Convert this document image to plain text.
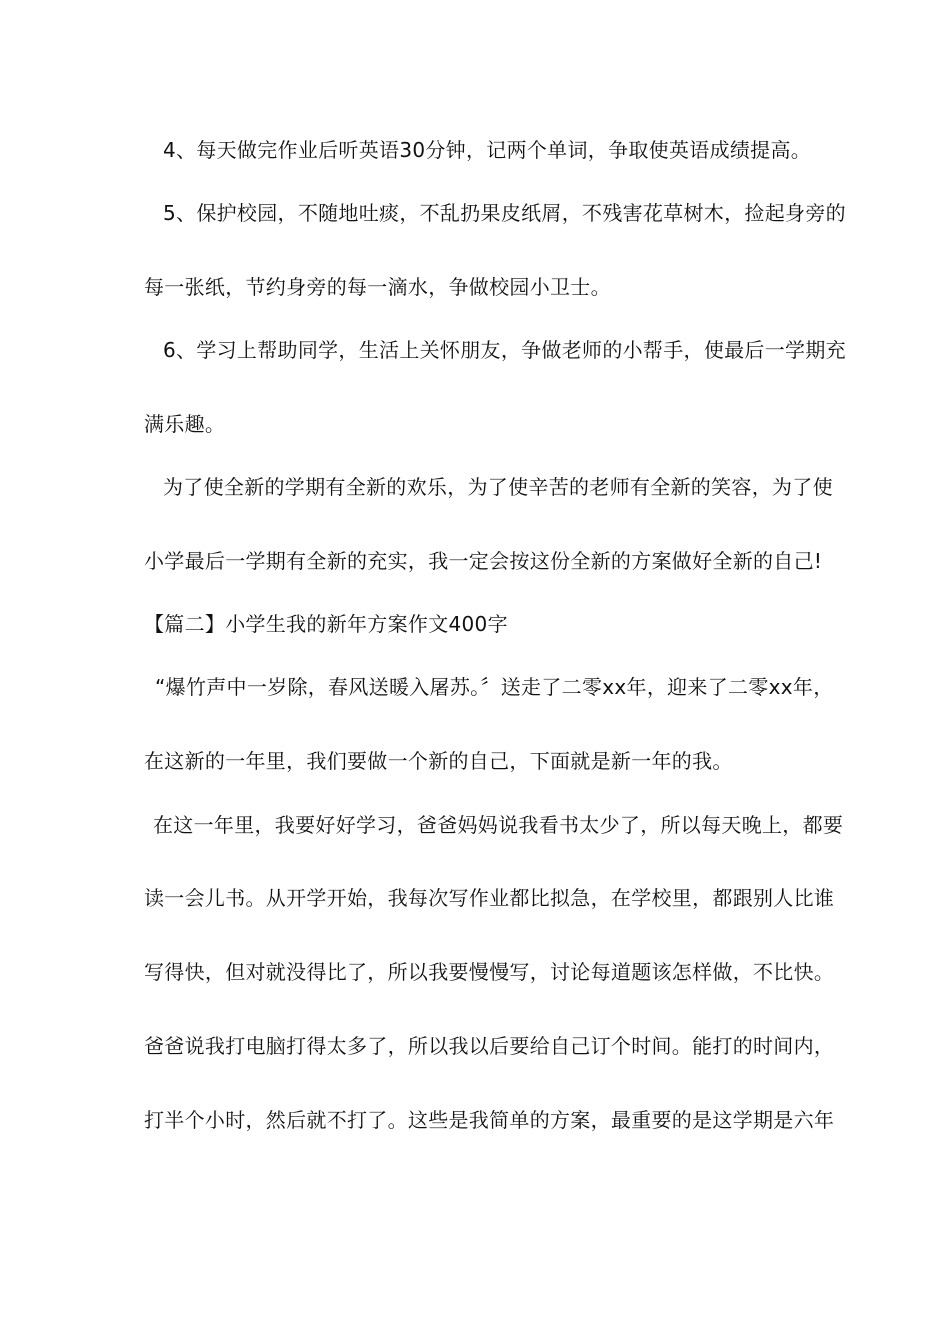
4、每天做完作业后听英语30分钟，记两个单词，争取使英语成绩提高。
5、保护校园，不随地吐痰，不乱扔果皮纸屑，不残害花草树木，捡起身旁的
每一张纸，节约身旁的每一滴水，争做校园小卫士。
6、学习上帮助同学，生活上关怀朋友，争做老师的小帮手，使最后一学期充
满乐趣。
为了使全新的学期有全新的欢乐，为了使辛苦的老师有全新的笑容，为了使
小学最后一学期有全新的充实，我一定会按这份全新的方案做好全新的自己!
【篇二】小学生我的新年方案作文400字
“爆竹声中一岁除，春风送暖入屠苏。〞送走了二零xx年，迎来了二零xx年，
在这新的一年里，我们要做一个新的自己，下面就是新一年的我。
在这一年里，我要好好学习，爸爸妈妈说我看书太少了，所以每天晚上，都要
读一会儿书。从开学开始，我每次写作业都比拟急，在学校里，都跟别人比谁
写得快，但对就没得比了，所以我要慢慢写，讨论每道题该怎样做，不比快。
爸爸说我打电脑打得太多了，所以我以后要给自己订个时间。能打的时间内，
打半个小时，然后就不打了。这些是我简单的方案，最重要的是这学期是六年
